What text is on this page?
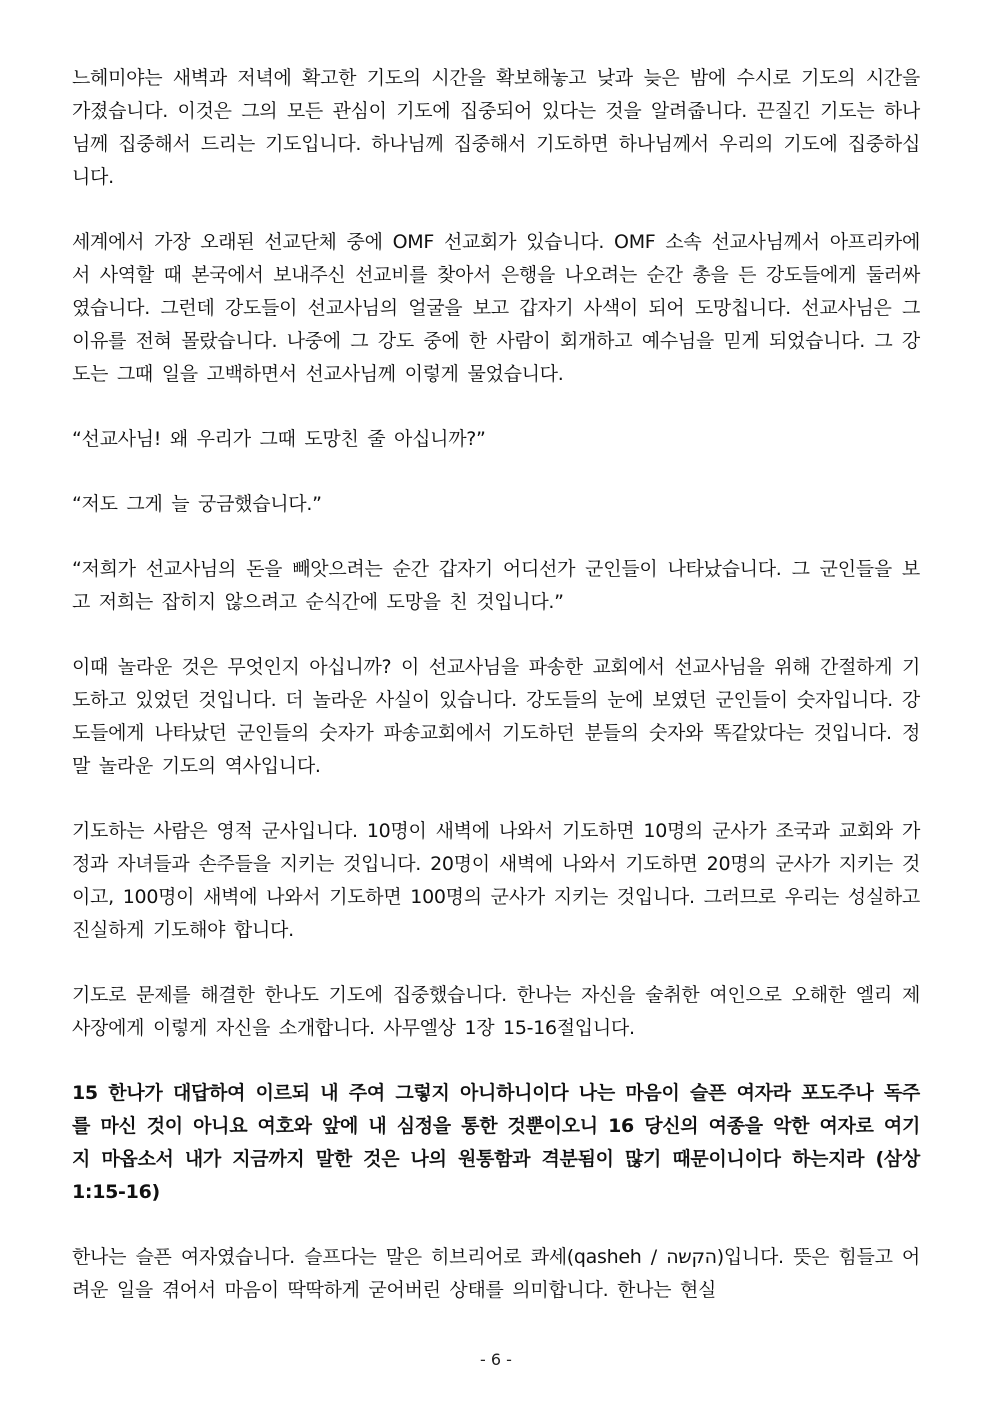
느헤미야는 새벽과 저녁에 확고한 기도의 시간을 확보해놓고 낮과 늦은 밤에 수시로 기도의 시간을 가졌습니다. 이것은 그의 모든 관심이 기도에 집중되어 있다는 것을 알려줍니다. 끈질긴 기도는 하나님께 집중해서 드리는 기도입니다. 하나님께 집중해서 기도하면 하나님께서 우리의 기도에 집중하십니다.

세계에서 가장 오래된 선교단체 중에 OMF 선교회가 있습니다. OMF 소속 선교사님께서 아프리카에서 사역할 때 본국에서 보내주신 선교비를 찾아서 은행을 나오려는 순간 총을 든 강도들에게 둘러싸였습니다. 그런데 강도들이 선교사님의 얼굴을 보고 갑자기 사색이 되어 도망칩니다. 선교사님은 그 이유를 전혀 몰랐습니다. 나중에 그 강도 중에 한 사람이 회개하고 예수님을 믿게 되었습니다. 그 강도는 그때 일을 고백하면서 선교사님께 이렇게 물었습니다.

“선교사님! 왜 우리가 그때 도망친 줄 아십니까?”

“저도 그게 늘 궁금했습니다.”

“저희가 선교사님의 돈을 빼앗으려는 순간 갑자기 어디선가 군인들이 나타났습니다. 그 군인들을 보고 저희는 잡히지 않으려고 순식간에 도망을 친 것입니다.”

이때 놀라운 것은 무엇인지 아십니까? 이 선교사님을 파송한 교회에서 선교사님을 위해 간절하게 기도하고 있었던 것입니다. 더 놀라운 사실이 있습니다. 강도들의 눈에 보였던 군인들이 숫자입니다. 강도들에게 나타났던 군인들의 숫자가 파송교회에서 기도하던 분들의 숫자와 똑같았다는 것입니다. 정말 놀라운 기도의 역사입니다.

기도하는 사람은 영적 군사입니다. 10명이 새벽에 나와서 기도하면 10명의 군사가 조국과 교회와 가정과 자녀들과 손주들을 지키는 것입니다. 20명이 새벽에 나와서 기도하면 20명의 군사가 지키는 것이고, 100명이 새벽에 나와서 기도하면 100명의 군사가 지키는 것입니다. 그러므로 우리는 성실하고 진실하게 기도해야 합니다.

기도로 문제를 해결한 한나도 기도에 집중했습니다. 한나는 자신을 술취한 여인으로 오해한 엘리 제사장에게 이렇게 자신을 소개합니다. 사무엘상 1장 15-16절입니다.

15 한나가 대답하여 이르되 내 주여 그렇지 아니하니이다 나는 마음이 슬픈 여자라 포도주나 독주를 마신 것이 아니요 여호와 앞에 내 심정을 통한 것뿐이오니 16 당신의 여종을 악한 여자로 여기지 마옵소서 내가 지금까지 말한 것은 나의 원통함과 격분됨이 많기 때문이니이다 하는지라 (삼상 1:15-16)

한나는 슬픈 여자였습니다. 슬프다는 말은 히브리어로 콰세(qasheh / הקשה)입니다. 뜻은 힘들고 어려운 일을 겪어서 마음이 딱딱하게 굳어버린 상태를 의미합니다. 한나는 현실

- 6 -
